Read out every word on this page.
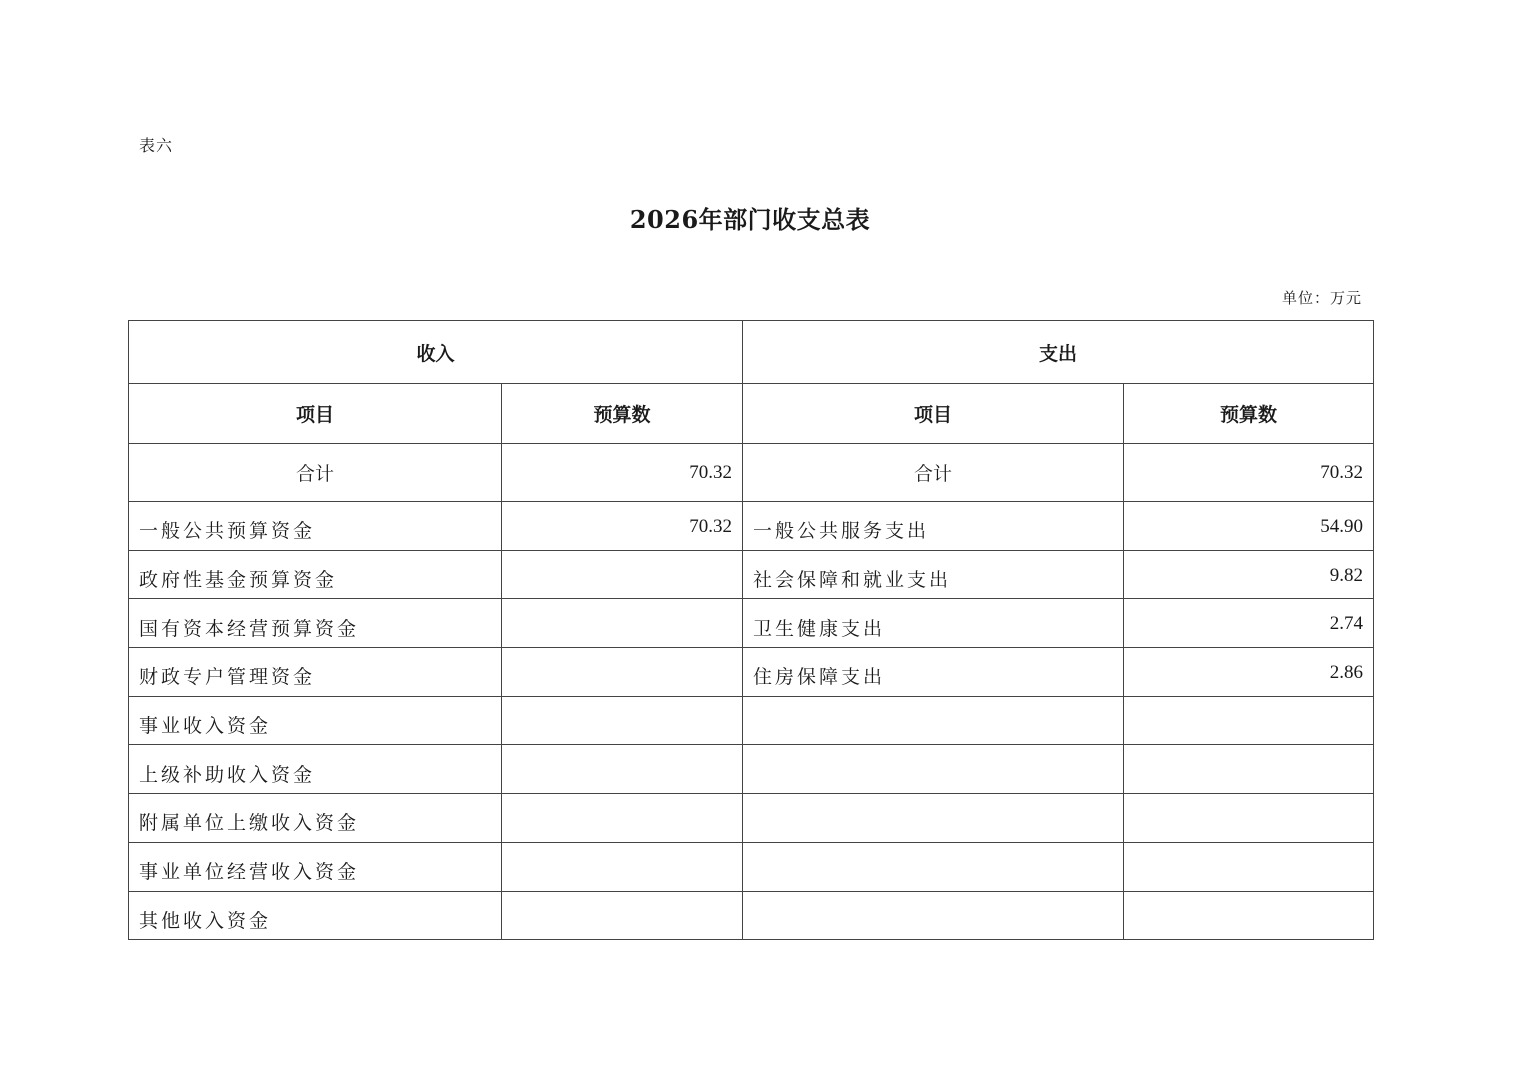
表六
2026年部门收支总表
单位：万元
收入		支出	
项目	预算数	项目	预算数
合计	70.32	合计	70.32
一般公共预算资金	70.32	一般公共服务支出	54.90
政府性基金预算资金		社会保障和就业支出	9.82
国有资本经营预算资金		卫生健康支出	2.74
财政专户管理资金		住房保障支出	2.86
事业收入资金			
上级补助收入资金			
附属单位上缴收入资金			
事业单位经营收入资金			
其他收入资金			
